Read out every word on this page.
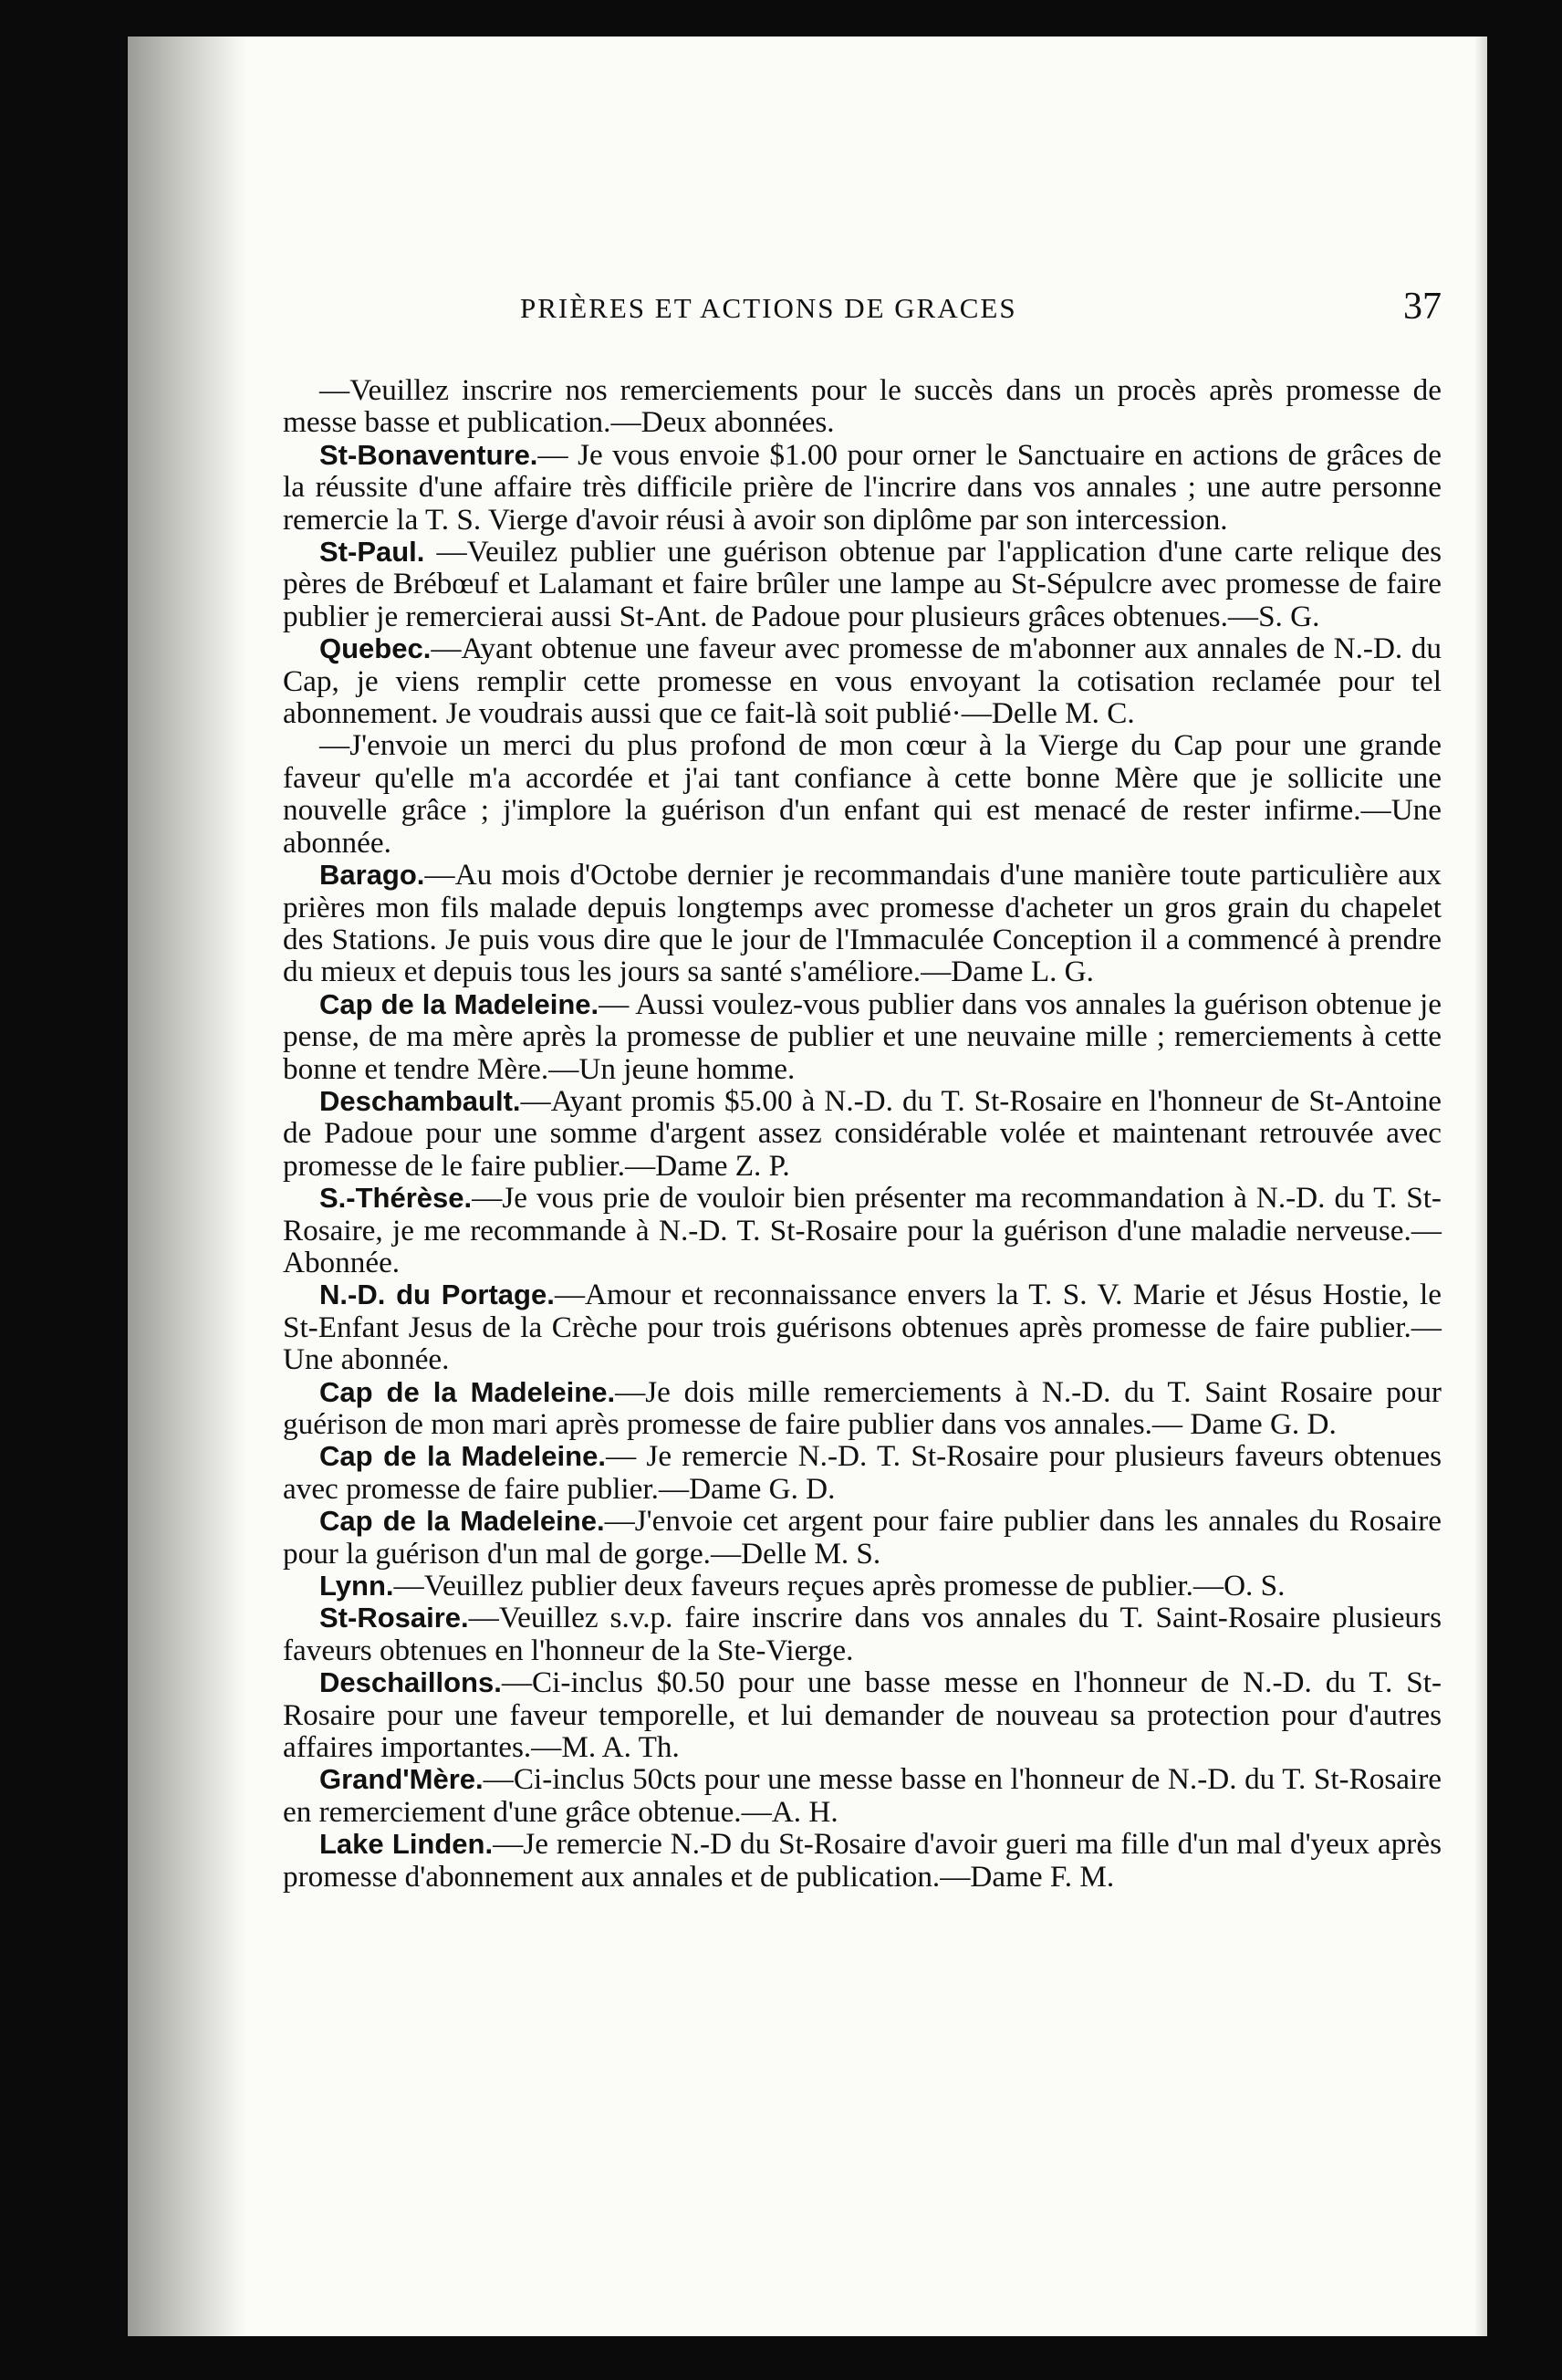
PRIÈRES ET ACTIONS DE GRACES	37

—Veuillez inscrire nos remerciements pour le succès dans un procès après promesse de messe basse et publication.—Deux abonnées.

St-Bonaventure.— Je vous envoie $1.00 pour orner le Sanctuaire en actions de grâces de la réussite d'une affaire très difficile prière de l'incrire dans vos annales ; une autre personne remercie la T. S. Vierge d'avoir réusi à avoir son diplôme par son intercession.

St-Paul. —Veuilez publier une guérison obtenue par l'application d'une carte relique des pères de Brébœuf et Lalamant et faire brûler une lampe au St-Sépulcre avec promesse de faire publier je remercierai aussi St-Ant. de Padoue pour plusieurs grâces obtenues.—S. G.

Quebec.—Ayant obtenue une faveur avec promesse de m'abonner aux annales de N.-D. du Cap, je viens remplir cette promesse en vous envoyant la cotisation reclamée pour tel abonnement. Je voudrais aussi que ce fait-là soit publié·—Delle M. C.

—J'envoie un merci du plus profond de mon cœur à la Vierge du Cap pour une grande faveur qu'elle m'a accordée et j'ai tant confiance à cette bonne Mère que je sollicite une nouvelle grâce ; j'implore la guérison d'un enfant qui est menacé de rester infirme.—Une abonnée.

Barago.—Au mois d'Octobe dernier je recommandais d'une manière toute particulière aux prières mon fils malade depuis longtemps avec promesse d'acheter un gros grain du chapelet des Stations. Je puis vous dire que le jour de l'Immaculée Conception il a commencé à prendre du mieux et depuis tous les jours sa santé s'améliore.—Dame L. G.

Cap de la Madeleine.— Aussi voulez-vous publier dans vos annales la guérison obtenue je pense, de ma mère après la promesse de publier et une neuvaine mille ; remerciements à cette bonne et tendre Mère.—Un jeune homme.

Deschambault.—Ayant promis $5.00 à N.-D. du T. St-Rosaire en l'honneur de St-Antoine de Padoue pour une somme d'argent assez considérable volée et maintenant retrouvée avec promesse de le faire publier.—Dame Z. P.

S.-Thérèse.—Je vous prie de vouloir bien présenter ma recommandation à N.-D. du T. St-Rosaire, je me recommande à N.-D. T. St-Rosaire pour la guérison d'une maladie nerveuse.—Abonnée.

N.-D. du Portage.—Amour et reconnaissance envers la T. S. V. Marie et Jésus Hostie, le St-Enfant Jesus de la Crèche pour trois guérisons obtenues après promesse de faire publier.—Une abonnée.

Cap de la Madeleine.—Je dois mille remerciements à N.-D. du T. Saint Rosaire pour guérison de mon mari après promesse de faire publier dans vos annales.— Dame G. D.

Cap de la Madeleine.— Je remercie N.-D. T. St-Rosaire pour plusieurs faveurs obtenues avec promesse de faire publier.—Dame G. D.

Cap de la Madeleine.—J'envoie cet argent pour faire publier dans les annales du Rosaire pour la guérison d'un mal de gorge.—Delle M. S.

Lynn.—Veuillez publier deux faveurs reçues après promesse de publier.—O. S.

St-Rosaire.—Veuillez s.v.p. faire inscrire dans vos annales du T. Saint-Rosaire plusieurs faveurs obtenues en l'honneur de la Ste-Vierge.

Deschaillons.—Ci-inclus $0.50 pour une basse messe en l'honneur de N.-D. du T. St-Rosaire pour une faveur temporelle, et lui demander de nouveau sa protection pour d'autres affaires importantes.—M. A. Th.

Grand'Mère.—Ci-inclus 50cts pour une messe basse en l'honneur de N.-D. du T. St-Rosaire en remerciement d'une grâce obtenue.—A. H.

Lake Linden.—Je remercie N.-D du St-Rosaire d'avoir gueri ma fille d'un mal d'yeux après promesse d'abonnement aux annales et de publication.—Dame F. M.
